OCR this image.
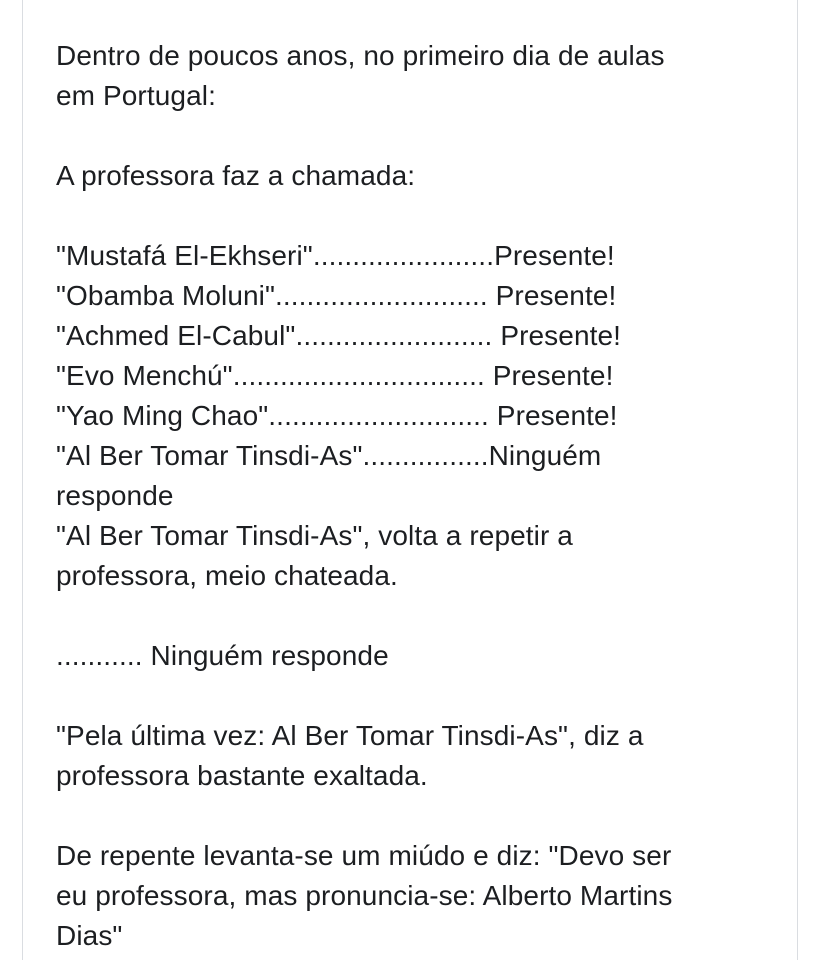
Dentro de poucos anos, no primeiro dia de aulas
em Portugal:
A professora faz a chamada:
"Mustafá El-Ekhseri".......................Presente!
"Obamba Moluni"........................... Presente!
"Achmed El-Cabul"......................... Presente!
"Evo Menchú"................................ Presente!
"Yao Ming Chao"............................ Presente!
"Al Ber Tomar Tinsdi-As"................Ninguém
responde
"Al Ber Tomar Tinsdi-As", volta a repetir a
professora, meio chateada.
........... Ninguém responde
"Pela última vez: Al Ber Tomar Tinsdi-As", diz a
professora bastante exaltada.
De repente levanta-se um miúdo e diz: "Devo ser
eu professora, mas pronuncia-se: Alberto Martins
Dias"
